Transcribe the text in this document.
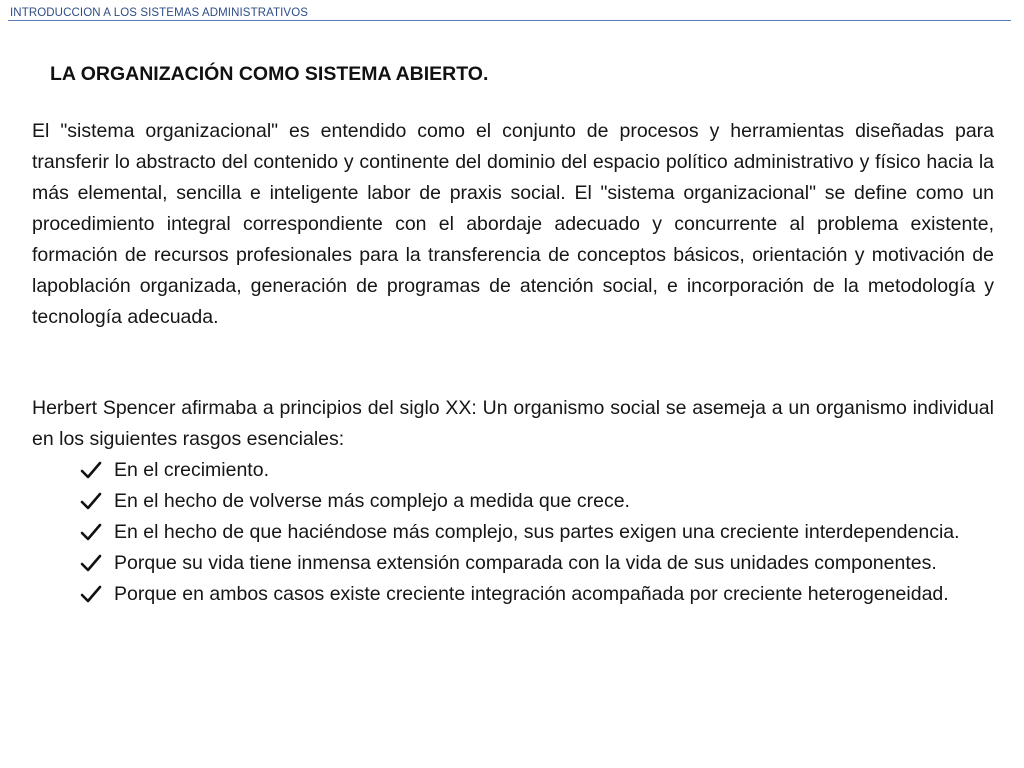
INTRODUCCION A LOS SISTEMAS ADMINISTRATIVOS
LA ORGANIZACIÓN COMO SISTEMA ABIERTO.

El "sistema organizacional" es entendido como el conjunto de procesos y herramientas diseñadas para transferir lo abstracto del contenido y continente del dominio del espacio político administrativo y físico hacia la más elemental, sencilla e inteligente labor de praxis social. El "sistema organizacional" se define como un procedimiento integral correspondiente con el abordaje adecuado y concurrente al problema existente, formación de recursos profesionales para la transferencia de conceptos básicos, orientación y motivación de lapoblación organizada, generación de programas de atención social, e incorporación de la metodología y tecnología adecuada.

Herbert Spencer afirmaba a principios del siglo XX: Un organismo social se asemeja a un organismo individual en los siguientes rasgos esenciales:

En el crecimiento.
En el hecho de volverse más complejo a medida que crece.
En el hecho de que haciéndose más complejo, sus partes exigen una creciente interdependencia.
Porque su vida tiene inmensa extensión comparada con la vida de sus unidades componentes.
Porque en ambos casos existe creciente integración acompañada por creciente heterogeneidad.
